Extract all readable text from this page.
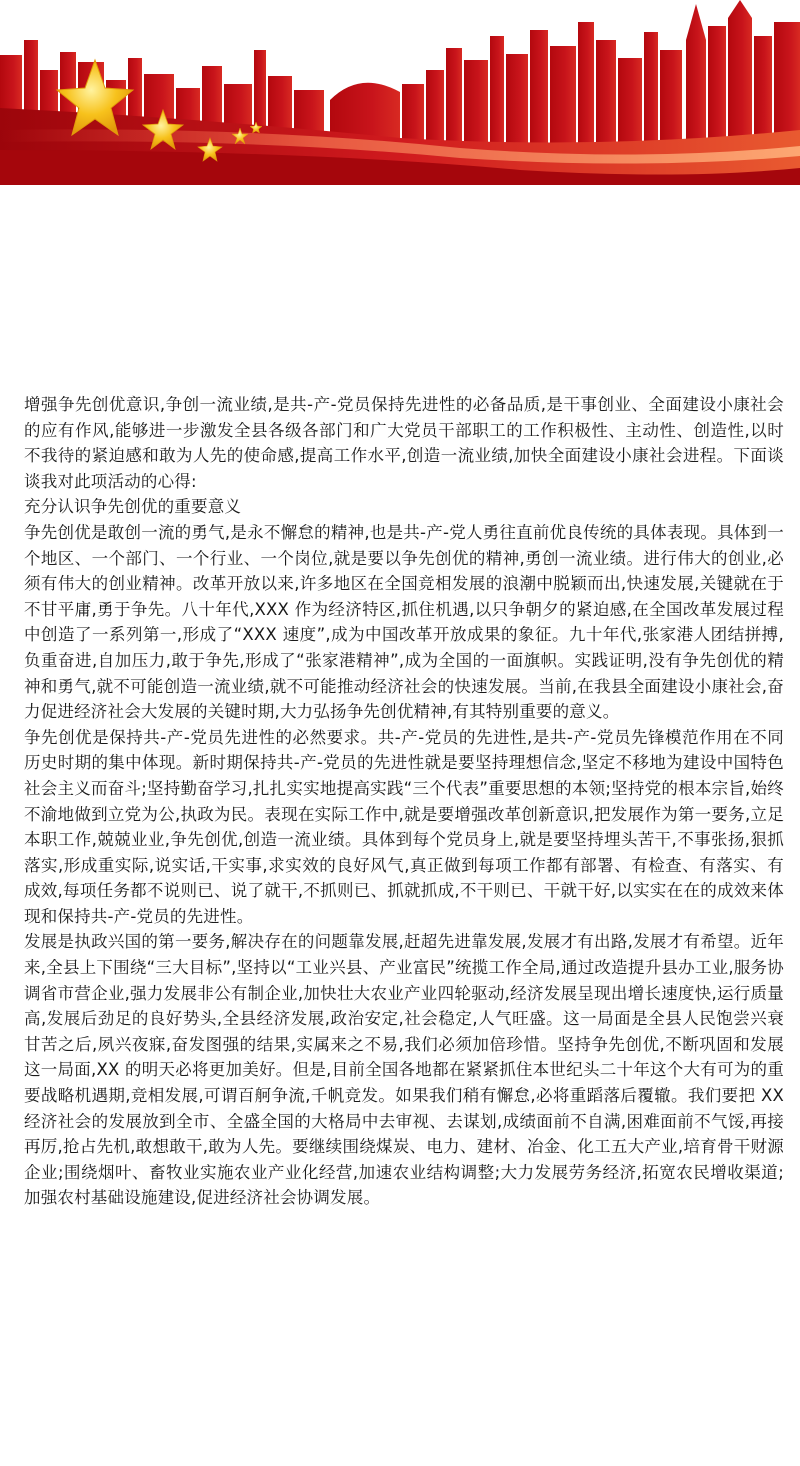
增强争先创优意识,争创一流业绩,是共-产-党员保持先进性的必备品质,是干事创业、全面建设小康社会的应有作风,能够进一步激发全县各级各部门和广大党员干部职工的工作积极性、主动性、创造性,以时不我待的紧迫感和敢为人先的使命感,提高工作水平,创造一流业绩,加快全面建设小康社会进程。下面谈谈我对此项活动的心得:

充分认识争先创优的重要意义

争先创优是敢创一流的勇气,是永不懈怠的精神,也是共-产-党人勇往直前优良传统的具体表现。具体到一个地区、一个部门、一个行业、一个岗位,就是要以争先创优的精神,勇创一流业绩。进行伟大的创业,必须有伟大的创业精神。改革开放以来,许多地区在全国竞相发展的浪潮中脱颖而出,快速发展,关键就在于不甘平庸,勇于争先。八十年代,XXX 作为经济特区,抓住机遇,以只争朝夕的紧迫感,在全国改革发展过程中创造了一系列第一,形成了“XXX 速度”,成为中国改革开放成果的象征。九十年代,张家港人团结拼搏,负重奋进,自加压力,敢于争先,形成了“张家港精神”,成为全国的一面旗帜。实践证明,没有争先创优的精神和勇气,就不可能创造一流业绩,就不可能推动经济社会的快速发展。当前,在我县全面建设小康社会,奋力促进经济社会大发展的关键时期,大力弘扬争先创优精神,有其特别重要的意义。

争先创优是保持共-产-党员先进性的必然要求。共-产-党员的先进性,是共-产-党员先锋模范作用在不同历史时期的集中体现。新时期保持共-产-党员的先进性就是要坚持理想信念,坚定不移地为建设中国特色社会主义而奋斗;坚持勤奋学习,扎扎实实地提高实践“三个代表”重要思想的本领;坚持党的根本宗旨,始终不渝地做到立党为公,执政为民。表现在实际工作中,就是要增强改革创新意识,把发展作为第一要务,立足本职工作,兢兢业业,争先创优,创造一流业绩。具体到每个党员身上,就是要坚持埋头苦干,不事张扬,狠抓落实,形成重实际,说实话,干实事,求实效的良好风气,真正做到每项工作都有部署、有检查、有落实、有成效,每项任务都不说则已、说了就干,不抓则已、抓就抓成,不干则已、干就干好,以实实在在的成效来体现和保持共-产-党员的先进性。

发展是执政兴国的第一要务,解决存在的问题靠发展,赶超先进靠发展,发展才有出路,发展才有希望。近年来,全县上下围绕“三大目标”,坚持以“工业兴县、产业富民”统揽工作全局,通过改造提升县办工业,服务协调省市营企业,强力发展非公有制企业,加快壮大农业产业四轮驱动,经济发展呈现出增长速度快,运行质量高,发展后劲足的良好势头,全县经济发展,政治安定,社会稳定,人气旺盛。这一局面是全县人民饱尝兴衰甘苦之后,夙兴夜寐,奋发图强的结果,实属来之不易,我们必须加倍珍惜。坚持争先创优,不断巩固和发展这一局面,XX 的明天必将更加美好。但是,目前全国各地都在紧紧抓住本世纪头二十年这个大有可为的重要战略机遇期,竞相发展,可谓百舸争流,千帆竞发。如果我们稍有懈怠,必将重蹈落后覆辙。我们要把 XX 经济社会的发展放到全市、全盛全国的大格局中去审视、去谋划,成绩面前不自满,困难面前不气馁,再接再厉,抢占先机,敢想敢干,敢为人先。要继续围绕煤炭、电力、建材、冶金、化工五大产业,培育骨干财源企业;围绕烟叶、畜牧业实施农业产业化经营,加速农业结构调整;大力发展劳务经济,拓宽农民增收渠道;加强农村基础设施建设,促进经济社会协调发展。
